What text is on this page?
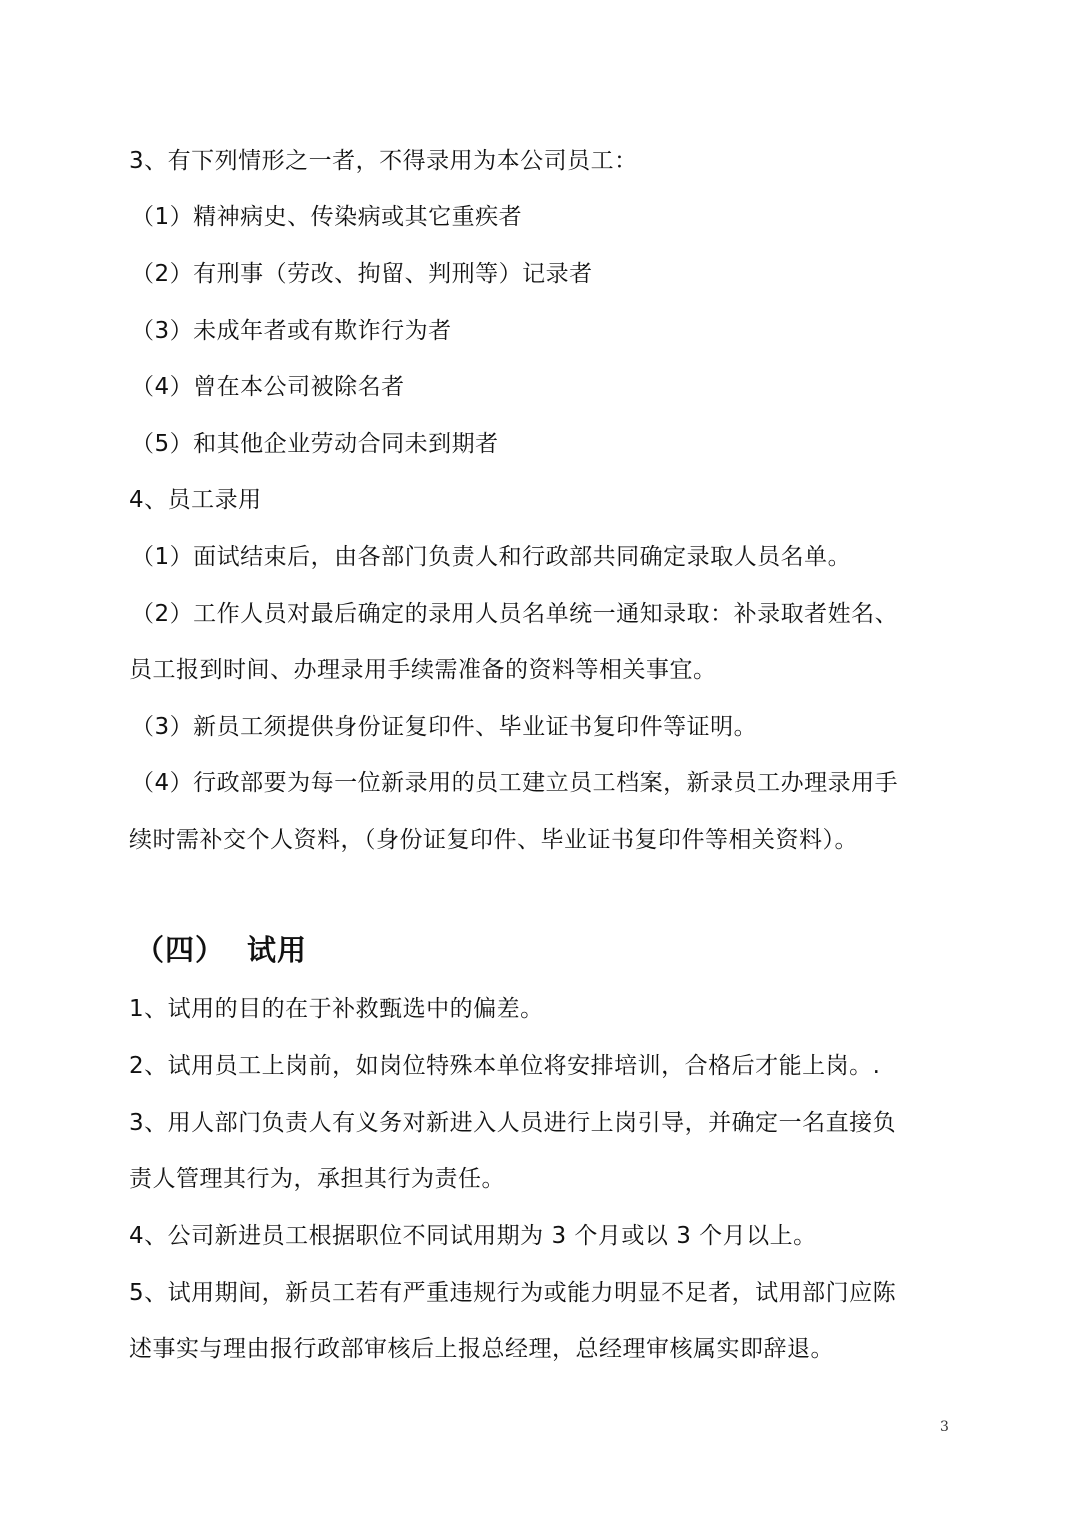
3、有下列情形之一者，不得录用为本公司员工：
（1）精神病史、传染病或其它重疾者
（2）有刑事（劳改、拘留、判刑等）记录者
（3）未成年者或有欺诈行为者
（4）曾在本公司被除名者
（5）和其他企业劳动合同未到期者
4、员工录用
（1）面试结束后，由各部门负责人和行政部共同确定录取人员名单。
（2）工作人员对最后确定的录用人员名单统一通知录取：补录取者姓名、
员工报到时间、办理录用手续需准备的资料等相关事宜。
（3）新员工须提供身份证复印件、毕业证书复印件等证明。
（4）行政部要为每一位新录用的员工建立员工档案，新录员工办理录用手
续时需补交个人资料，（身份证复印件、毕业证书复印件等相关资料）。
（四） 试用
1、试用的目的在于补救甄选中的偏差。
2、试用员工上岗前，如岗位特殊本单位将安排培训，合格后才能上岗。.
3、用人部门负责人有义务对新进入人员进行上岗引导，并确定一名直接负
责人管理其行为，承担其行为责任。
4、公司新进员工根据职位不同试用期为 3 个月或以 3 个月以上。
5、试用期间，新员工若有严重违规行为或能力明显不足者，试用部门应陈
述事实与理由报行政部审核后上报总经理，总经理审核属实即辞退。
3
